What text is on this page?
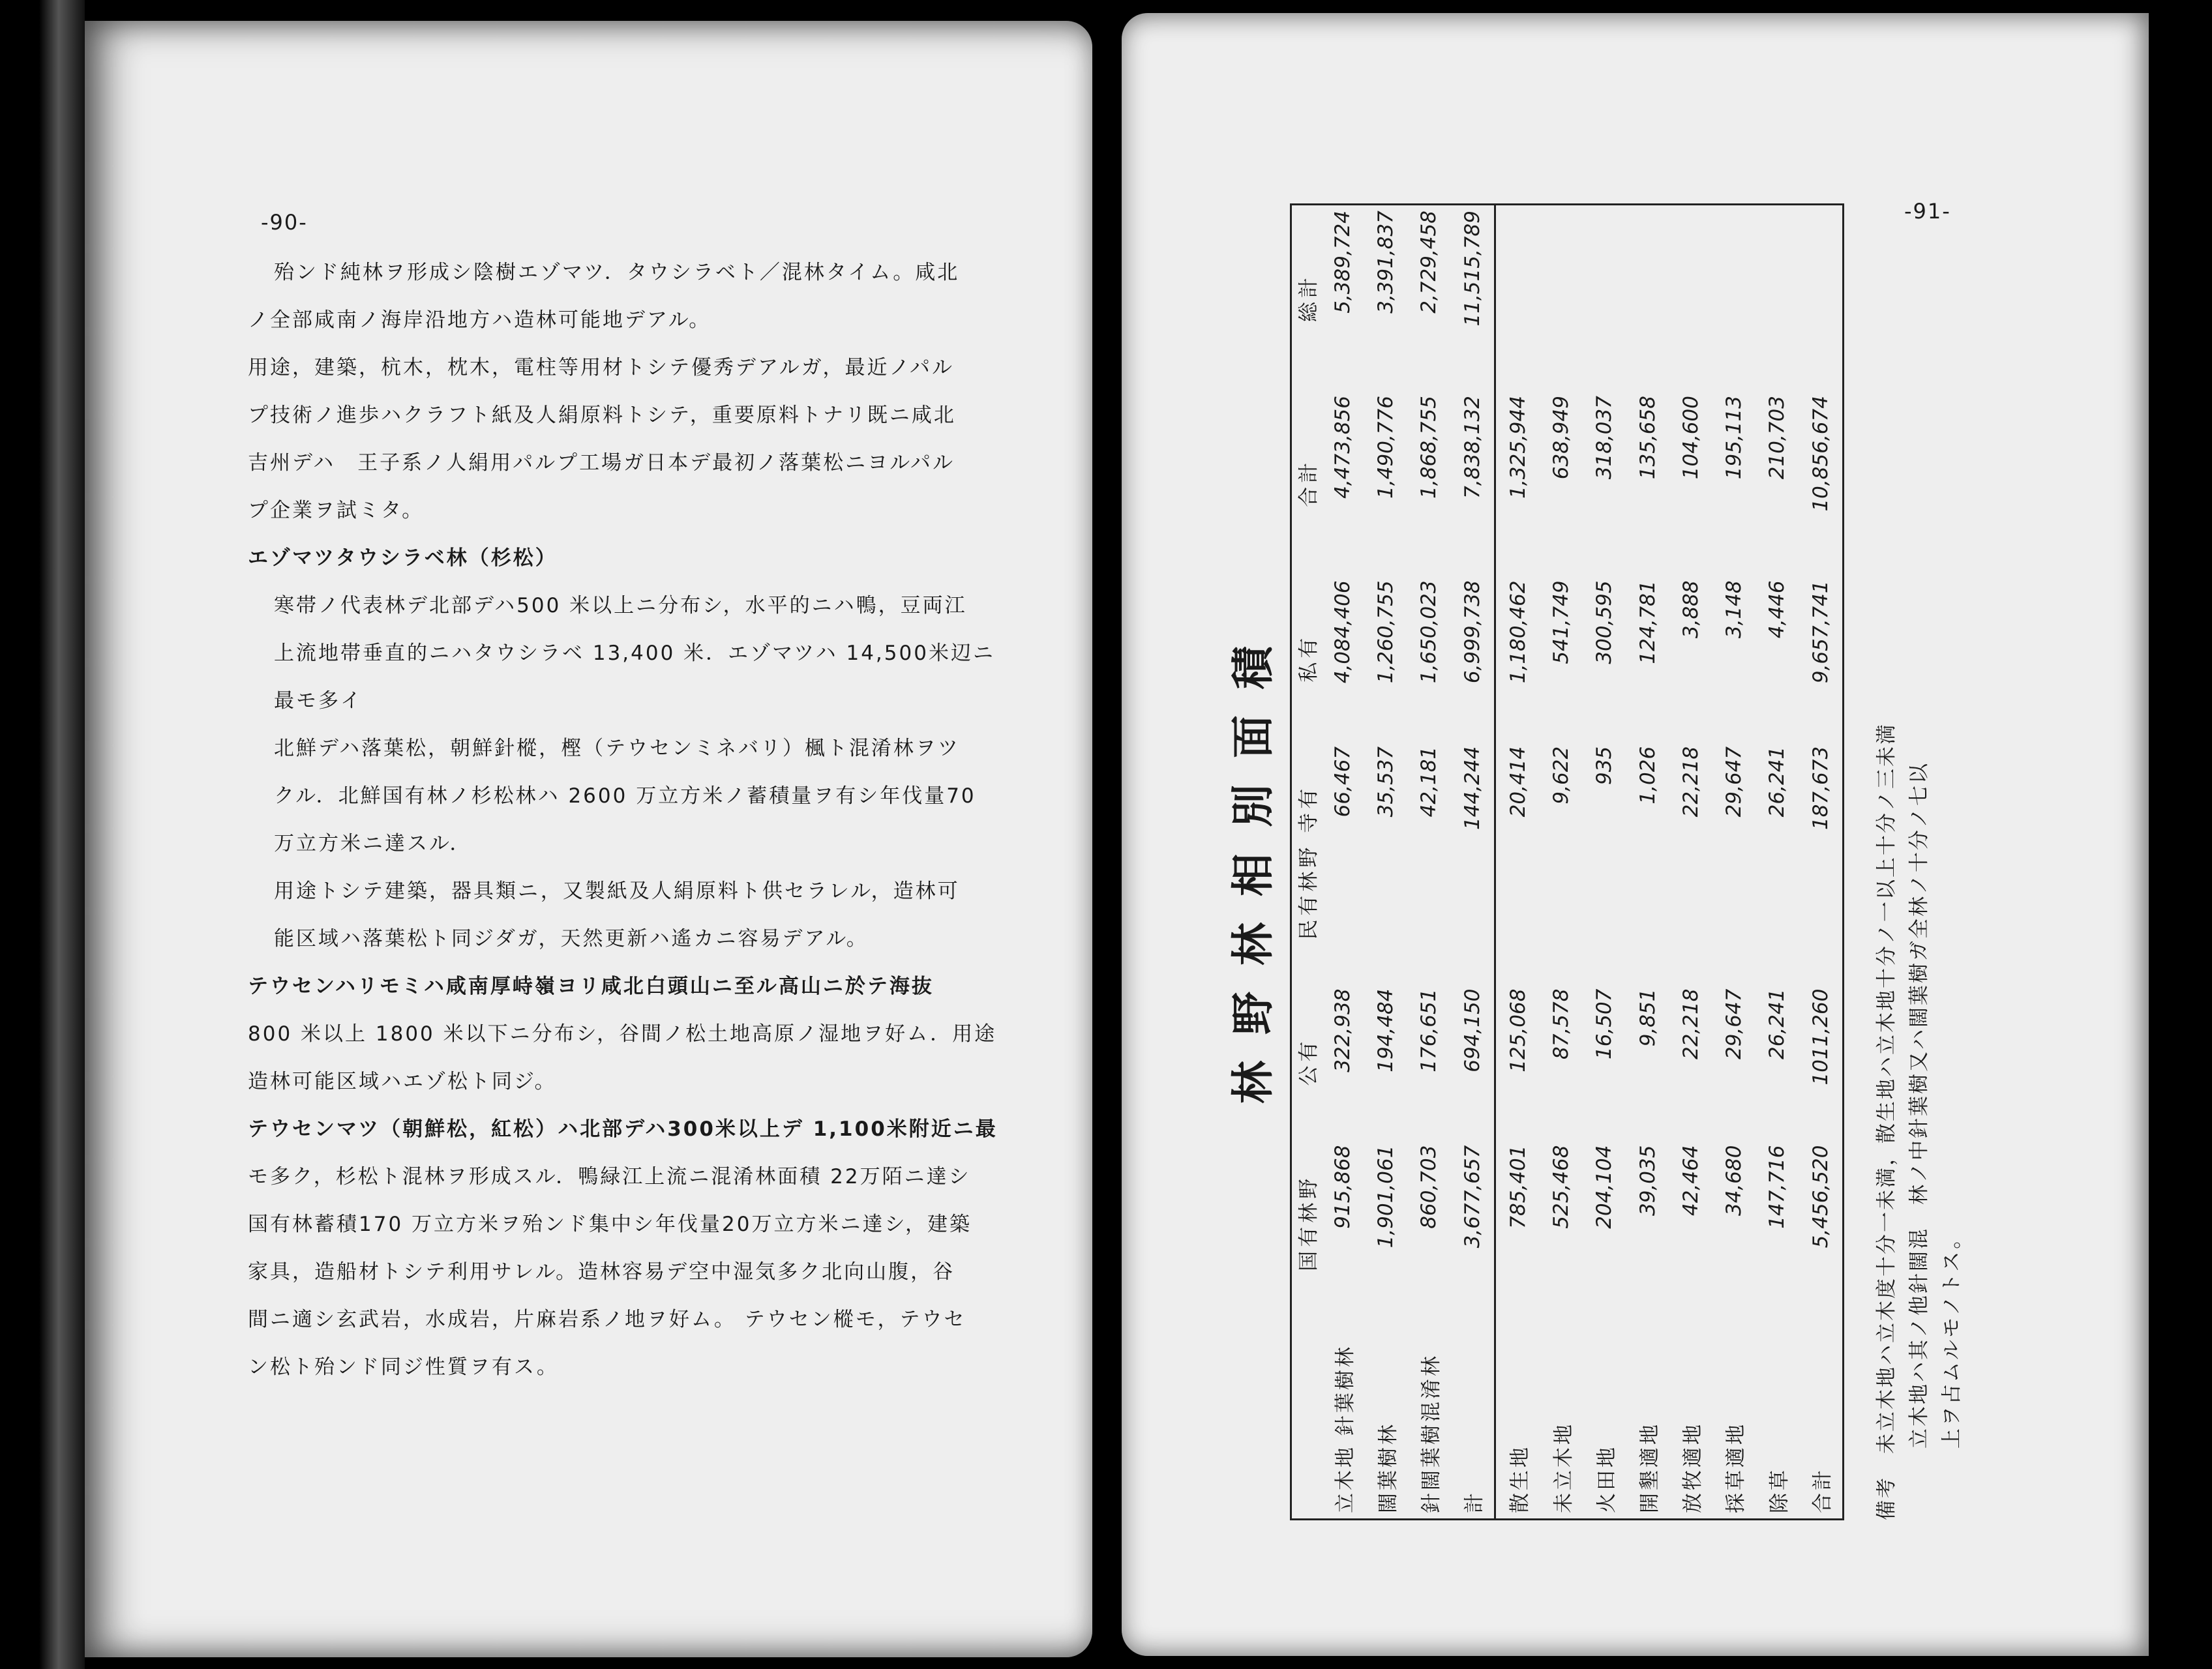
-90-
殆ンド純林ヲ形成シ陰樹エゾマツ．タウシラベト／混林タイム。咸北
ノ全部咸南ノ海岸沿地方ハ造林可能地デアル。
用途，建築，杭木，枕木，電柱等用材トシテ優秀デアルガ，最近ノパル
プ技術ノ進歩ハクラフト紙及人絹原料トシテ，重要原料トナリ既ニ咸北
吉州デハ　王子系ノ人絹用パルプ工場ガ日本デ最初ノ落葉松ニヨルパル
プ企業ヲ試ミタ。
エゾマツタウシラベ林（杉松）
寒帯ノ代表林デ北部デハ500 米以上ニ分布シ，水平的ニハ鴨，豆両江
上流地帯垂直的ニハタウシラベ 13,400 米．エゾマツハ 14,500米辺ニ
最モ多イ
北鮮デハ落葉松，朝鮮針樅，樫（テウセンミネバリ）楓ト混淆林ヲツ
クル．北鮮国有林ノ杉松林ハ 2600 万立方米ノ蓄積量ヲ有シ年伐量70
万立方米ニ達スル．
用途トシテ建築，器具類ニ，又製紙及人絹原料ト供セラレル，造林可
能区域ハ落葉松ト同ジダガ，天然更新ハ遙カニ容易デアル。
テウセンハリモミハ咸南厚峙嶺ヨリ咸北白頭山ニ至ル高山ニ於テ海抜
800 米以上 1800 米以下ニ分布シ，谷間ノ松土地高原ノ湿地ヲ好ム．用途
造林可能区域ハエゾ松ト同ジ。
テウセンマツ（朝鮮松，紅松）ハ北部デハ300米以上デ 1,100米附近ニ最
モ多ク，杉松ト混林ヲ形成スル．鴨緑江上流ニ混淆林面積 22万陌ニ達シ
国有林蓄積170 万立方米ヲ殆ンド集中シ年伐量20万立方米ニ達シ，建築
家具，造船材トシテ利用サレル。造林容易デ空中湿気多ク北向山腹，谷
間ニ適シ玄武岩，水成岩，片麻岩系ノ地ヲ好ム。 テウセン樅モ，テウセ
ン松ト殆ンド同ジ性質ヲ有ス。
-91-
林野林相別面積
	国有林野	公有	民有林野 寺有	私有	合計	総計
立木地 針葉樹林	915,868	322,938	66,467	4,084,406	4,473,856	5,389,724
闊葉樹林	1,901,061	194,484	35,537	1,260,755	1,490,776	3,391,837
針闊葉樹混淆林	860,703	176,651	42,181	1,650,023	1,868,755	2,729,458
計	3,677,657	694,150	144,244	6,999,738	7,838,132	11,515,789
散生地	785,401	125,068	20,414	1,180,462	1,325,944	
未立木地	525,468	87,578	9,622	541,749	638,949	
火田地	204,104	16,507	935	300,595	318,037	
開墾適地	39,035	9,851	1,026	124,781	135,658	
放牧適地	42,464	22,218	22,218	3,888	104,600	
採草適地	34,680	29,647	29,647	3,148	195,113	
除草	147,716	26,241	26,241	4,446	210,703	
合計	5,456,520	1011,260	187,673	9,657,741	10,856,674	
備考　未立木地ハ立木度十分一未満，散生地ハ立木地十分ノ一以上十分ノ三未満 立木地ハ其ノ他針闊混　林ノ中針葉樹又ハ闊葉樹ガ全林ノ十分ノ七以 上ヲ占ムルモノトス。
